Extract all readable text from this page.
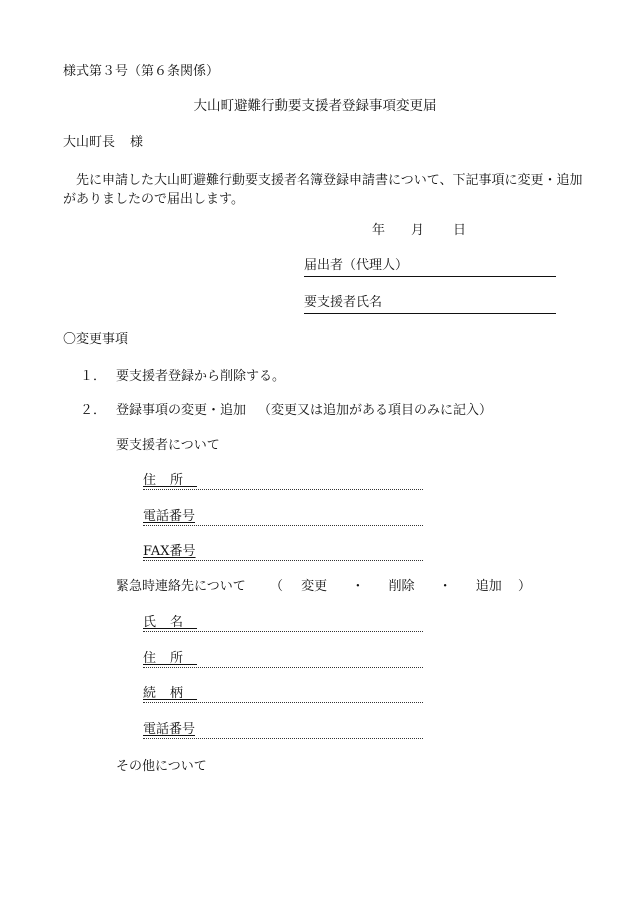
様式第３号（第６条関係）
大山町避難行動要支援者登録事項変更届
大山町長 様
　先に申請した大山町避難行動要支援者名簿登録申請書について、下記事項に変更・追加がありましたので届出します。
年 月 日
届出者（代理人）
要支援者氏名
〇変更事項
１． 要支援者登録から削除する。
２． 登録事項の変更・追加 （変更又は追加がある項目のみに記入）
要支援者について
住所
電話番号
FAX番号
緊急時連絡先について （ 変更 ・ 削除 ・ 追加 ）
氏名
住所
続柄
電話番号
その他について
